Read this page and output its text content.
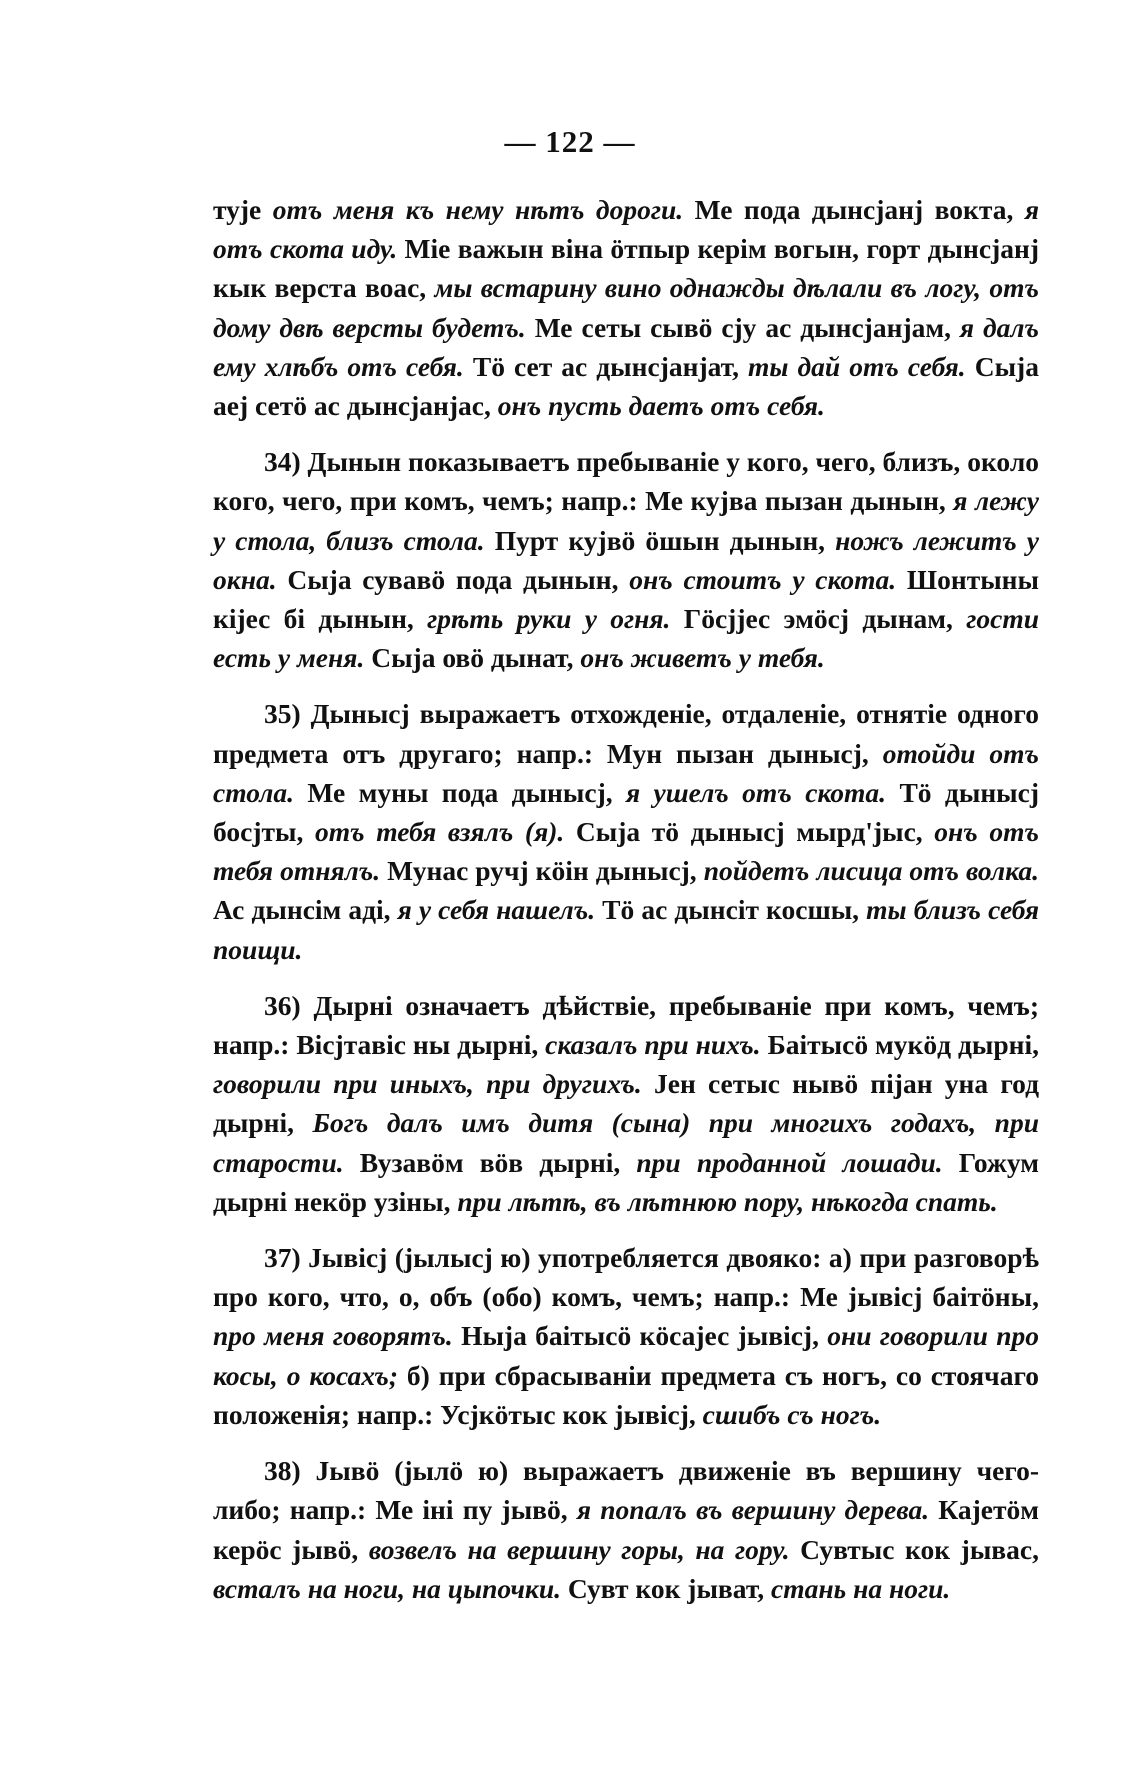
— 122 —

тује отъ меня къ нему нѣтъ дороги. Ме пода дынсјанј вокта, я отъ скота иду. Міе важын віна ӧтпыр керім вогын, горт дынсјанј кык верста воас, мы встарину вино однажды дѣлали въ логу, отъ дому двѣ версты будетъ. Ме сеты сывӧ сју ас дынсјанјам, я далъ ему хлѣбъ отъ себя. Тӧ сет ас дынсјанјат, ты дай отъ себя. Сыја аеј сетӧ ас дынсјанјас, онъ пусть даетъ отъ себя.

34) Дынын показываетъ пребываніе у кого, чего, близъ, около кого, чего, при комъ, чемъ; напр.: Ме кујва пызан дынын, я лежу у стола, близъ стола. Пурт кујвӧ ӧшын дынын, ножъ лежитъ у окна. Сыја сувавӧ пода дынын, онъ стоитъ у скота. Шонтыны кіјес бі дынын, грѣть руки у огня. Гӧсјјес эмӧсј дынам, гости есть у меня. Сыја овӧ дынат, онъ живетъ у тебя.

35) Дынысј выражаетъ отхожденіе, отдаленіе, отнятіе одного предмета отъ другаго; напр.: Мун пызан дынысј, отойди отъ стола. Ме муны пода дынысј, я ушелъ отъ скота. Тӧ дынысј босјты, отъ тебя взялъ (я). Сыја тӧ дынысј мырд'јыс, онъ отъ тебя отнялъ. Мунас ручј кӧін дынысј, пойдетъ лисица отъ волка. Ас дынсім аді, я у себя нашелъ. Тӧ ас дынсіт косшы, ты близъ себя поищи.

36) Дырні означаетъ дѣйствіе, пребываніе при комъ, чемъ; напр.: Вісјтавіс ны дырні, сказалъ при нихъ. Баітысӧ мукӧд дырні, говорили при иныхъ, при другихъ. Јен сетыс нывӧ піјан уна год дырні, Богъ далъ имъ дитя (сына) при многихъ годахъ, при старости. Вузавӧм вӧв дырні, при проданной лошади. Гожум дырні некӧр узіны, при лѣтѣ, въ лѣтнюю пору, нѣкогда спать.

37) Јывісј (јылысј ю) употребляется двояко: а) при разговорѣ про кого, что, о, объ (обо) комъ, чемъ; напр.: Ме јывісј баітӧны, про меня говорятъ. Ныја баітысӧ кӧсајес јывісј, они говорили про косы, о косахъ; б) при сбрасываніи предмета съ ногъ, со стоячаго положенія; напр.: Усјкӧтыс кок јывісј, сшибъ съ ногъ.

38) Јывӧ (јылӧ ю) выражаетъ движеніе въ вершину чего-либо; напр.: Ме іні пу јывӧ, я попалъ въ вершину дерева. Кајетӧм керӧс јывӧ, возвелъ на вершину горы, на гору. Сувтыс кок јывас, всталъ на ноги, на цыпочки. Сувт кок јыват, стань на ноги.
